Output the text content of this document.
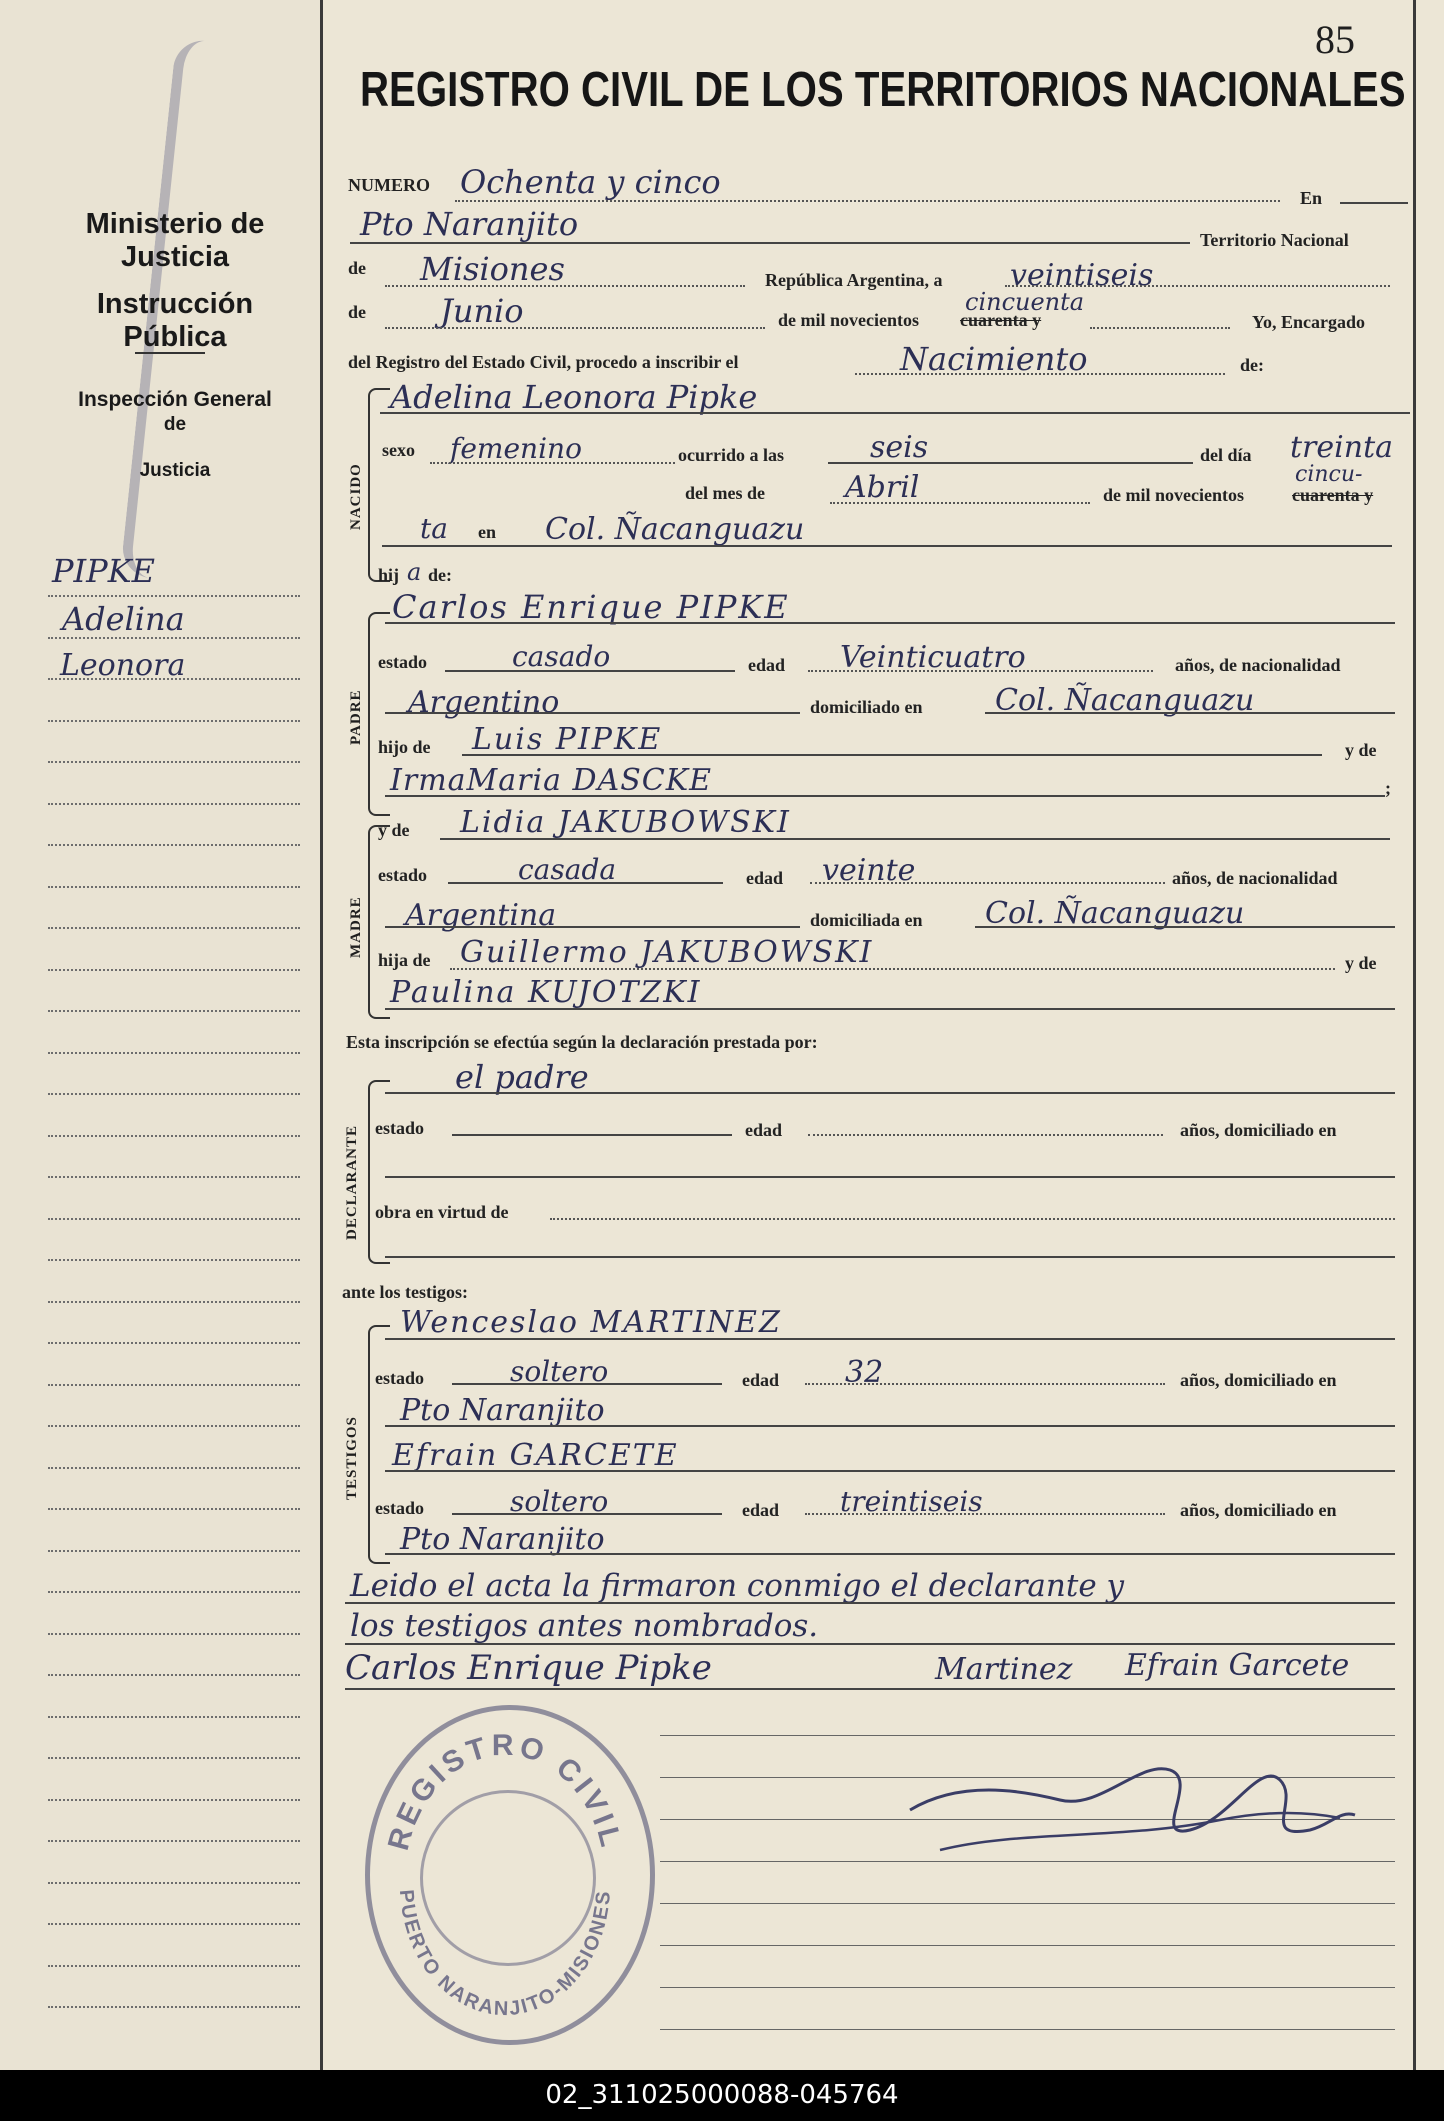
Ministerio de Justicia
Instrucción Pública
Inspección General
de
Justicia
PIPKE
Adelina
Leonora
85
REGISTRO CIVIL DE LOS TERRITORIOS NACIONALES
NUMERO Ochenta y cinco	En
Pto Naranjito	Territorio Nacional
de Misiones	República Argentina, a veintiseis
de Junio	de mil novecientos cuarenta y
cincuenta
Yo, Encargado
del Registro del Estado Civil, procedo a inscribir el	Nacimiento	de:
NACIDO
Adelina Leonora Pipke
sexo femenino	ocurrido a las	seis	del día treinta
del mes de	Abril	de mil novecientos	cuarenta y
cincu-
ta en Col. Ñacanguazu
hij a de:
PADRE
Carlos Enrique PIPKE
estado	casado	edad Veinticuatro	años, de nacionalidad
Argentino	domiciliado en Col. Ñacanguazu
hijo de Luis PIPKE	y de
IrmaMaria DASCKE	;
MADRE
y de Lidia JAKUBOWSKI
estado	casada	edad veinte	años, de nacionalidad
Argentina	domiciliada en Col. Ñacanguazu
hija de Guillermo JAKUBOWSKI	y de
Paulina KUJOTZKI
Esta inscripción se efectúa según la declaración prestada por:
DECLARANTE
el padre
estado	edad	años, domiciliado en
obra en virtud de
ante los testigos:
TESTIGOS
Wenceslao MARTINEZ
estado	soltero	edad 32	años, domiciliado en
Pto Naranjito
Efrain GARCETE
estado	soltero	edad treintiseis	años, domiciliado en
Pto Naranjito
Leido el acta la firmaron conmigo el declarante y
los testigos antes nombrados.
Carlos Enrique Pipke	Martinez Efrain Garcete
REGISTRO CIVIL
PUERTO NARANJITO-MISIONES
02_311025000088-045764
